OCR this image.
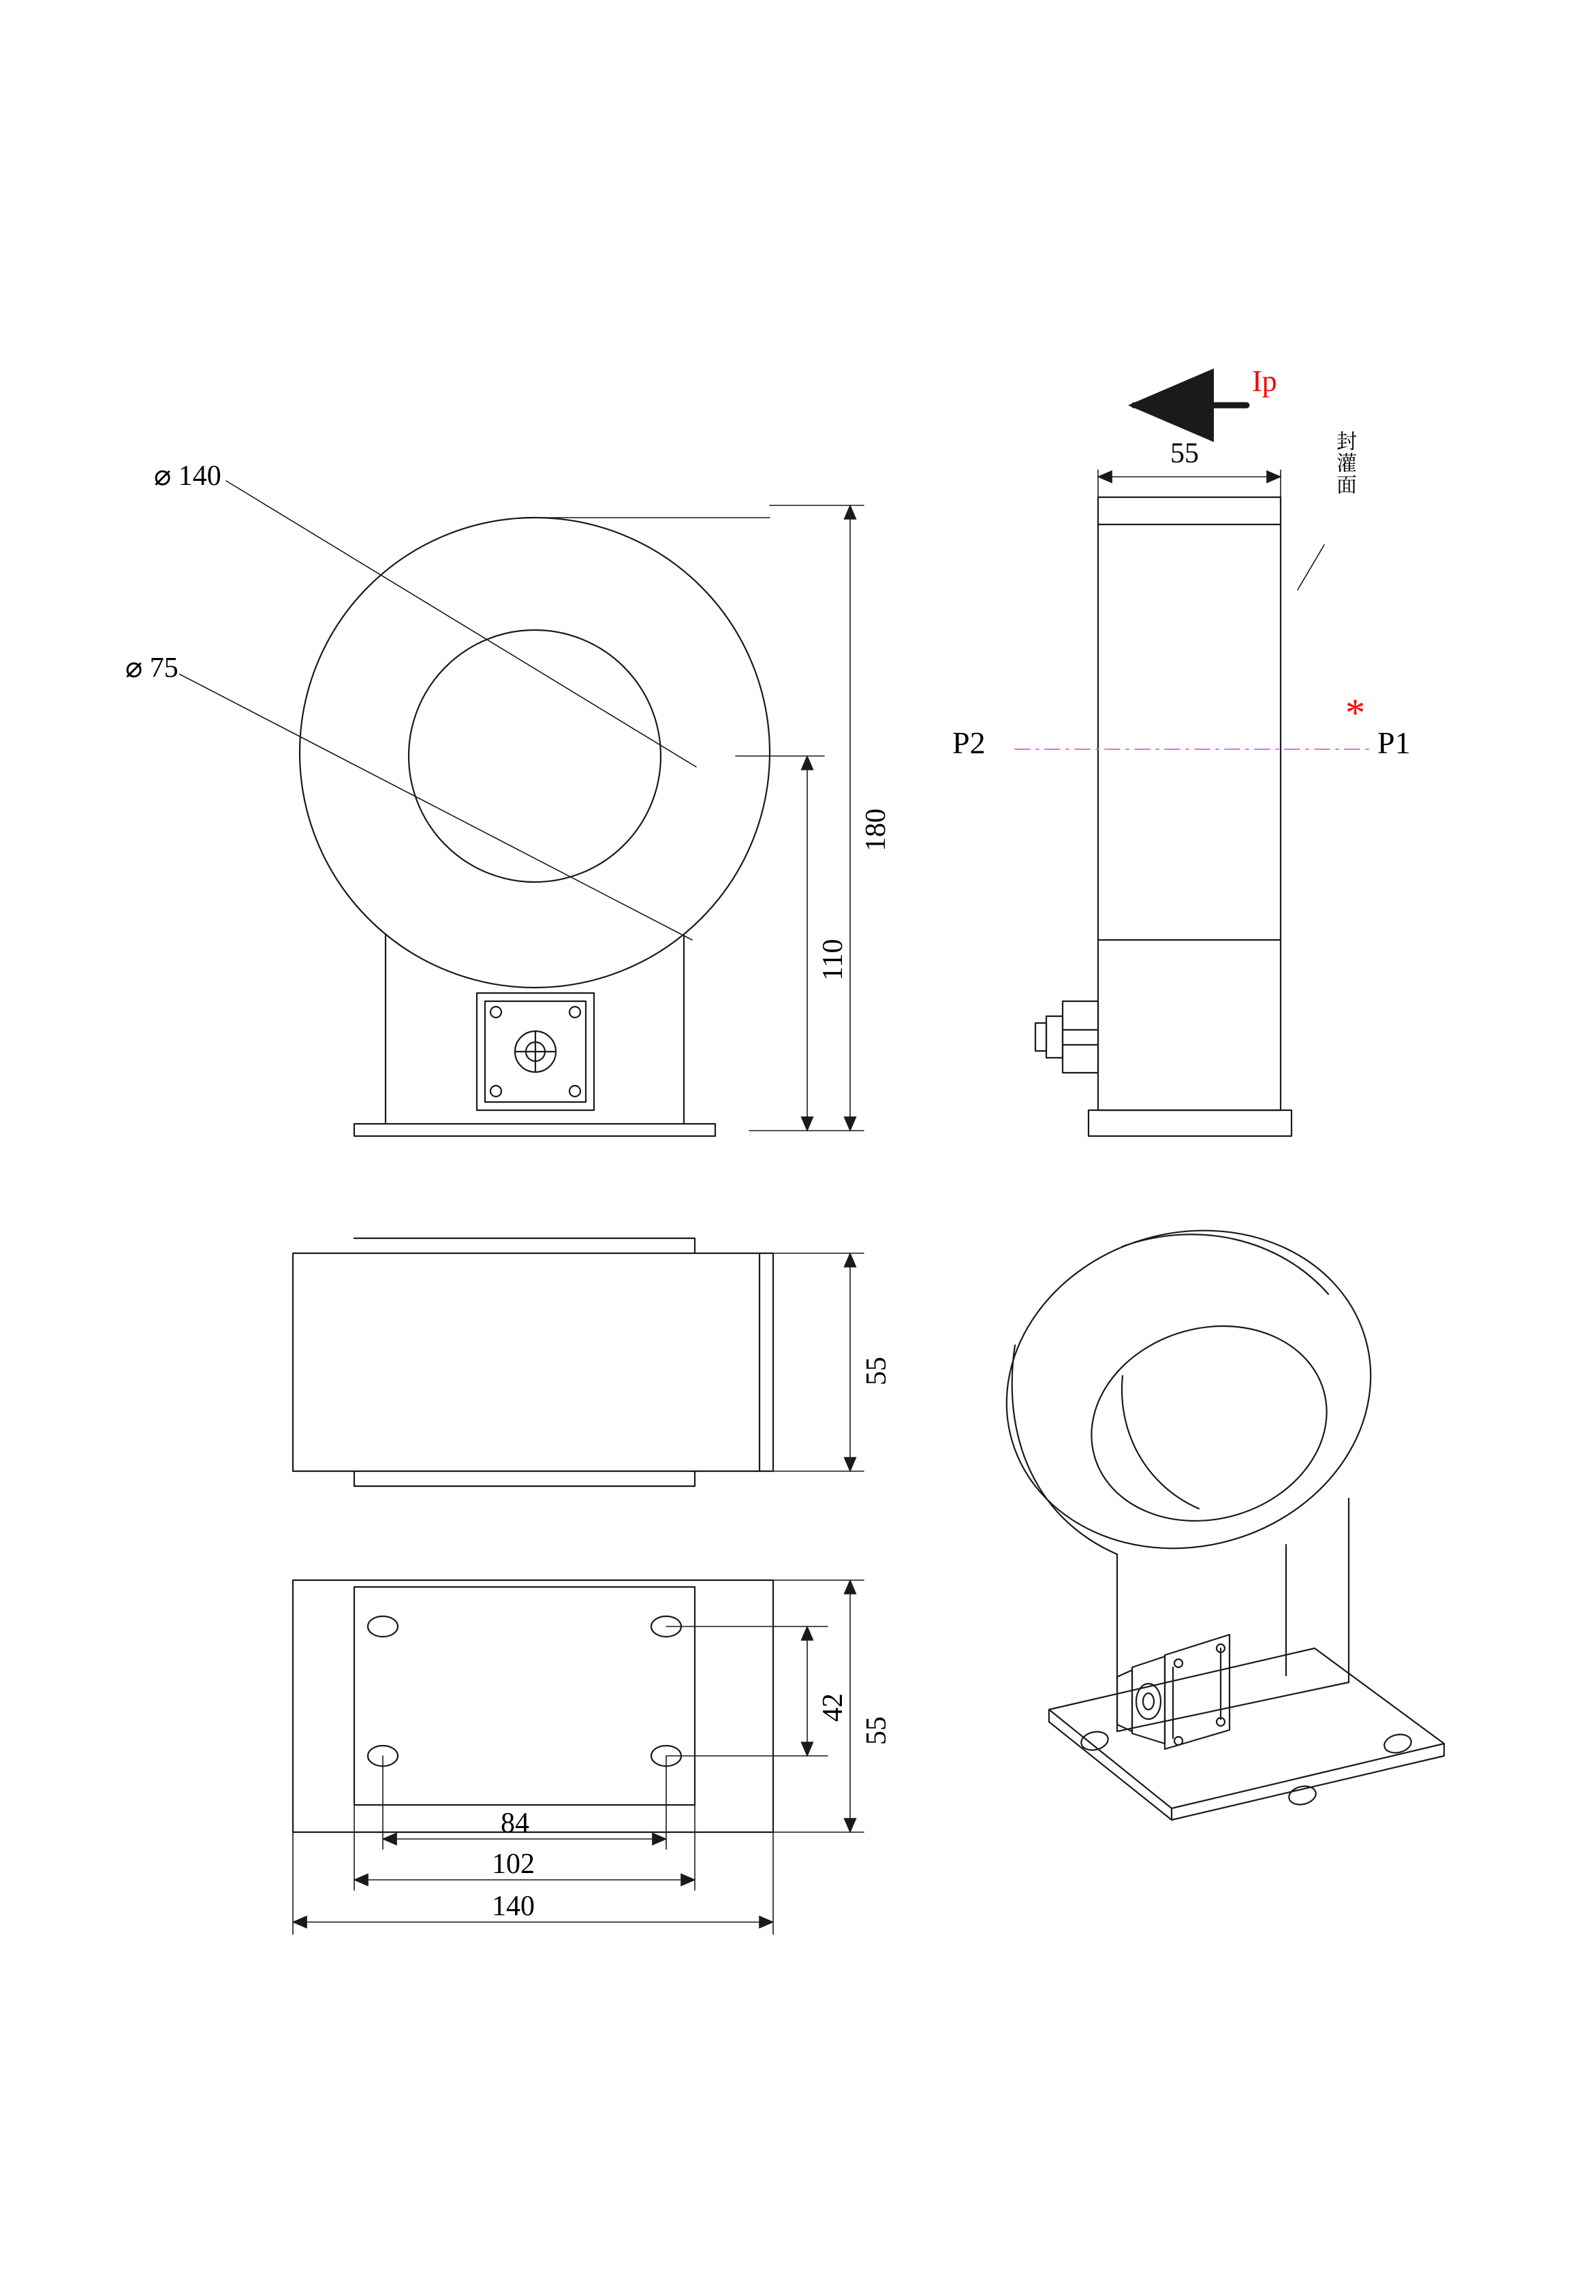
⌀ 140
⌀ 75
180
110
55
Ip
P2	P1
*
封灌面
55
42
55
84
102
140
